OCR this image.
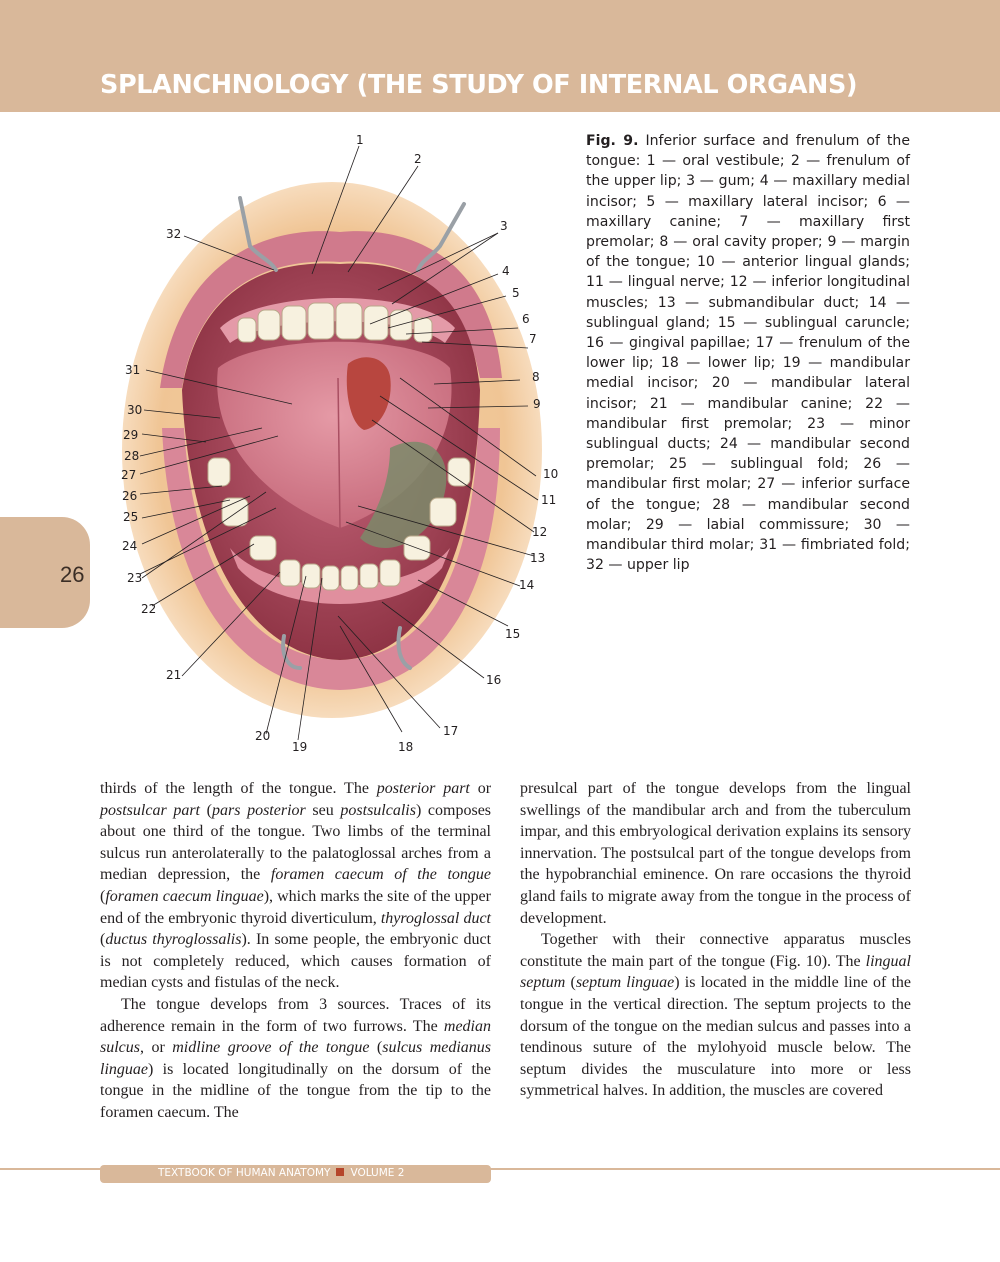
SPLANCHNOLOGY (THE STUDY OF INTERNAL ORGANS)
26
1
2
3
4
5
6
7
8
9
10
11
12
13
14
15
16
17
18
19
20
21
22
23
24
25
26
27
28
29
30
31
32
Fig. 9. Inferior surface and frenulum of the tongue: 1 — oral vestibule; 2 — frenulum of the upper lip; 3 — gum; 4 — maxillary medial incisor; 5 — maxillary lateral incisor; 6 — maxillary canine; 7 — maxillary first premolar; 8 — oral cavity proper; 9 — margin of the tongue; 10 — anterior lingual glands; 11 — lingual nerve; 12 — inferior longitudinal muscles; 13 — submandibular duct; 14 — sublingual gland; 15 — sublingual caruncle; 16 — gingival papillae; 17 — frenulum of the lower lip; 18 — lower lip; 19 — mandibular medial incisor; 20 — mandibular lateral incisor; 21 — mandibular canine; 22 — mandibular first premolar; 23 — minor sublingual ducts; 24 — mandibular second premolar; 25 — sublingual fold; 26 — mandibular first molar; 27 — inferior surface of the tongue; 28 — mandibular second molar; 29 — labial commissure; 30 — mandibular third molar; 31 — fimbriated fold; 32 — upper lip

thirds of the length of the tongue. The posterior part or postsulcar part (pars posterior seu postsulcalis) composes about one third of the tongue. Two limbs of the terminal sulcus run anterolaterally to the palatoglossal arches from a median depression, the foramen caecum of the tongue (foramen caecum linguae), which marks the site of the upper end of the embryonic thyroid diverticulum, thyroglossal duct (ductus thyroglossalis). In some people, the embryonic duct is not completely reduced, which causes formation of median cysts and fistulas of the neck.

The tongue develops from 3 sources. Traces of its adherence remain in the form of two furrows. The median sulcus, or midline groove of the tongue (sulcus medianus linguae) is located longitudinally on the dorsum of the tongue in the midline of the tongue from the tip to the foramen caecum. The

presulcal part of the tongue develops from the lingual swellings of the mandibular arch and from the tuberculum impar, and this embryological derivation explains its sensory innervation. The postsulcal part of the tongue develops from the hypobranchial eminence. On rare occasions the thyroid gland fails to migrate away from the tongue in the process of development.

Together with their connective apparatus muscles constitute the main part of the tongue (Fig. 10). The lingual septum (septum linguae) is located in the middle line of the tongue in the vertical direction. The septum projects to the dorsum of the tongue on the median sulcus and passes into a tendinous suture of the mylohyoid muscle below. The septum divides the musculature into more or less symmetrical halves. In addition, the muscles are covered

TEXTBOOK OF HUMAN ANATOMY VOLUME 2
